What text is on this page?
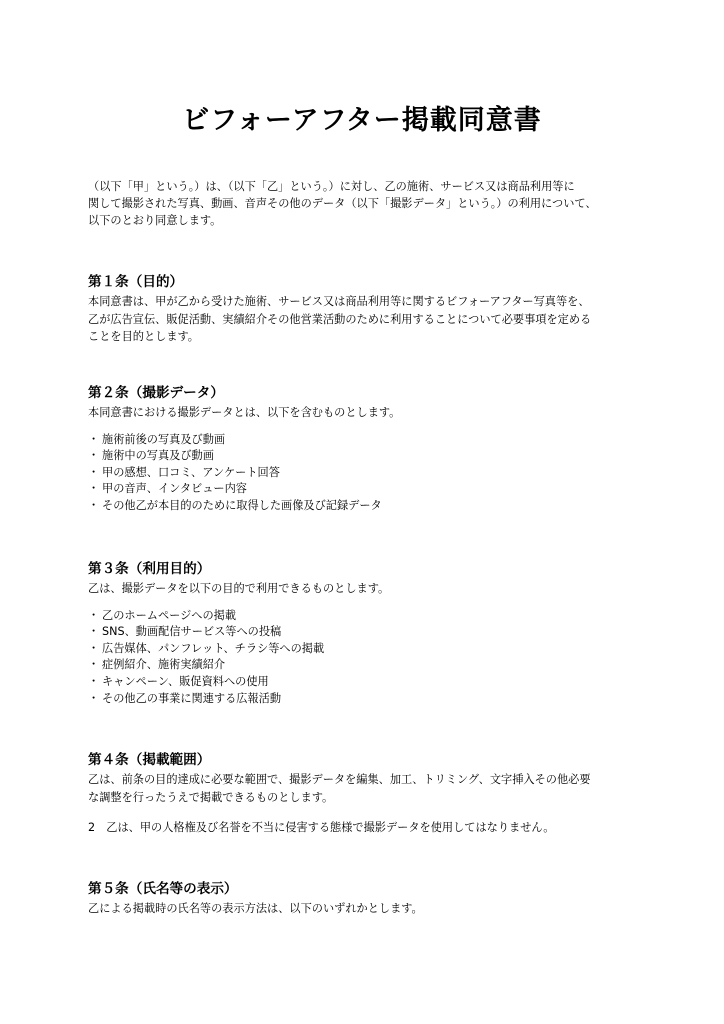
ビフォーアフター掲載同意書
（以下「甲」という。）は、（以下「乙」という。）に対し、乙の施術、サービス又は商品利用等に
関して撮影された写真、動画、音声その他のデータ（以下「撮影データ」という。）の利用について、
以下のとおり同意します。
第１条（目的）
本同意書は、甲が乙から受けた施術、サービス又は商品利用等に関するビフォーアフター写真等を、
乙が広告宣伝、販促活動、実績紹介その他営業活動のために利用することについて必要事項を定める
ことを目的とします。
第２条（撮影データ）
本同意書における撮影データとは、以下を含むものとします。
・ 施術前後の写真及び動画
・ 施術中の写真及び動画
・ 甲の感想、口コミ、アンケート回答
・ 甲の音声、インタビュー内容
・ その他乙が本目的のために取得した画像及び記録データ
第３条（利用目的）
乙は、撮影データを以下の目的で利用できるものとします。
・ 乙のホームページへの掲載
・ SNS、動画配信サービス等への投稿
・ 広告媒体、パンフレット、チラシ等への掲載
・ 症例紹介、施術実績紹介
・ キャンペーン、販促資料への使用
・ その他乙の事業に関連する広報活動
第４条（掲載範囲）
乙は、前条の目的達成に必要な範囲で、撮影データを編集、加工、トリミング、文字挿入その他必要
な調整を行ったうえで掲載できるものとします。
2　乙は、甲の人格権及び名誉を不当に侵害する態様で撮影データを使用してはなりません。
第５条（氏名等の表示）
乙による掲載時の氏名等の表示方法は、以下のいずれかとします。
